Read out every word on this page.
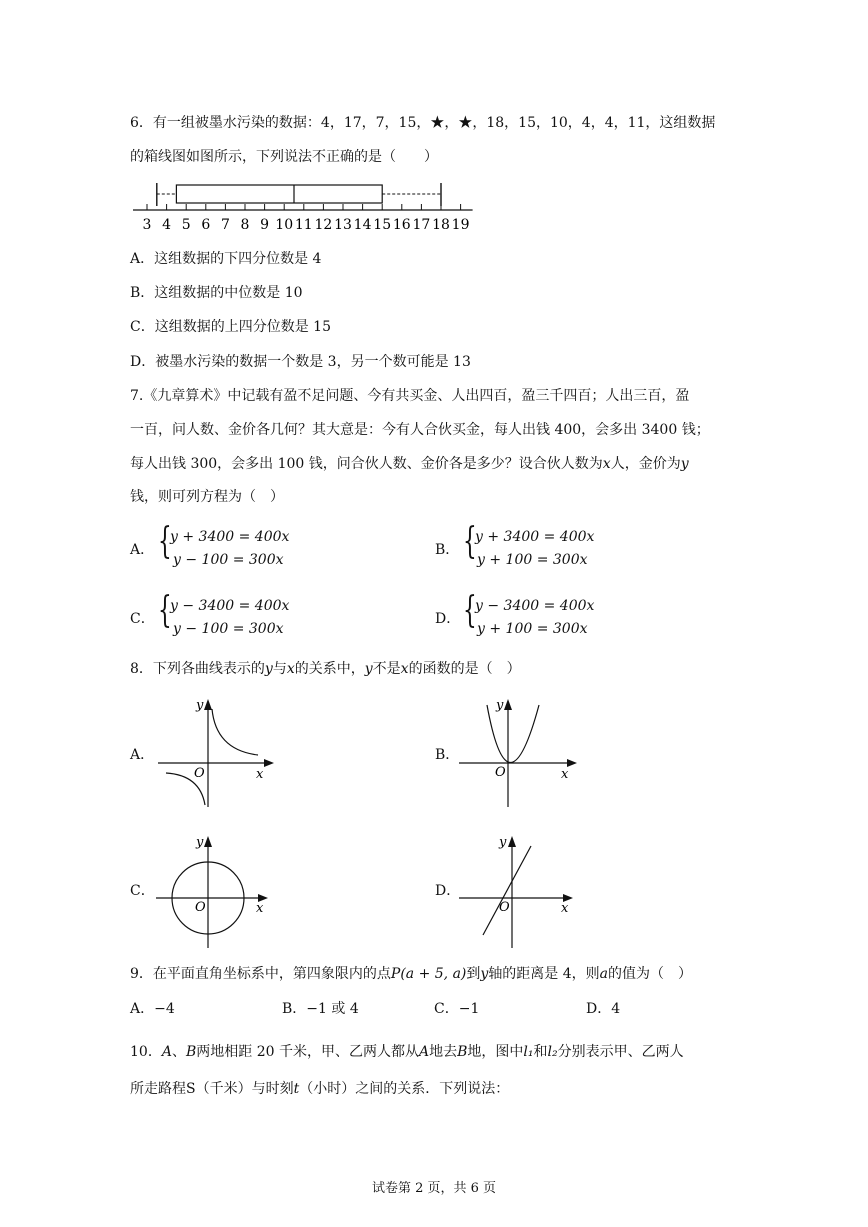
6．有一组被墨水污染的数据：4，17，7，15，★，★，18，15，10，4，4，11，这组数据
的箱线图如图所示，下列说法不正确的是（　　）
3 4 5 6 7 8 9 10 11 12 13 14 15 16 17 18 19
A．这组数据的下四分位数是 4
B．这组数据的中位数是 10
C．这组数据的上四分位数是 15
D．被墨水污染的数据一个数是 3，另一个数可能是 13
7.《九章算术》中记载有盈不足问题、今有共买金、人出四百，盈三千四百；人出三百，盈
一百，问人数、金价各几何？其大意是：今有人合伙买金，每人出钱 400，会多出 3400 钱；
每人出钱 300，会多出 100 钱，问合伙人数、金价各是多少？设合伙人数为x人，金价为y
钱，则可列方程为（　）
A． {
y + 3400 = 400x
y − 100 = 300x
B． {
y + 3400 = 400x
y + 100 = 300x
C． {
y − 3400 = 400x
y − 100 = 300x
D． {
y − 3400 = 400x
y + 100 = 300x
8．下列各曲线表示的y与x的关系中，y不是x的函数的是（　）
A．	B．
C．	D．
y
x
O
y
x
O
y
x
O
y
x
O
9．在平面直角坐标系中，第四象限内的点P(a + 5, a)到y轴的距离是 4，则a的值为（　）
A．−4	B．−1 或 4	C．−1	D．4
10．A、B两地相距 20 千米，甲、乙两人都从A地去B地，图中l₁和l₂分别表示甲、乙两人
所走路程S（千米）与时刻t（小时）之间的关系．下列说法：
试卷第 2 页，共 6 页
